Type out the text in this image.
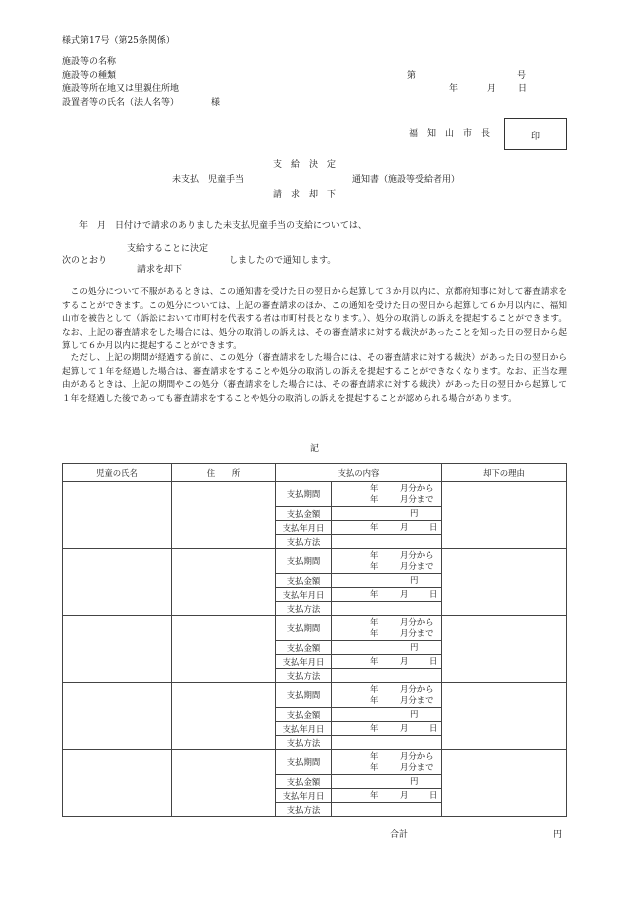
様式第17号（第25条関係）
施設等の名称
施設等の種類
施設等所在地又は里親住所地
設置者等の氏名（法人名等）	様
第	号
年	月 日
福　知　山　市　長	印
支　給　決　定
未支払　児童手当	通知書（施設等受給者用）
請　求　却　下
年　月　日付けで請求のありました未支払児童手当の支給については、
支給することに決定
次のとおり	しましたので通知します。
請求を却下
この処分について不服があるときは、この通知書を受けた日の翌日から起算して３か月以内に、京都府知事に対して審査請求をすることができます。この処分については、上記の審査請求のほか、この通知を受けた日の翌日から起算して６か月以内に、福知山市を被告として（訴訟において市町村を代表する者は市町村長となります。）、処分の取消しの訴えを提起することができます。なお、上記の審査請求をした場合には、処分の取消しの訴えは、その審査請求に対する裁決があったことを知った日の翌日から起算して６か月以内に提起することができます。
ただし、上記の期間が経過する前に、この処分（審査請求をした場合には、その審査請求に対する裁決）があった日の翌日から起算して１年を経過した場合は、審査請求をすることや処分の取消しの訴えを提起することができなくなります。なお、正当な理由があるときは、上記の期間やこの処分（審査請求をした場合には、その審査請求に対する裁決）があった日の翌日から起算して１年を経過した後であっても審査請求をすることや処分の取消しの訴えを提起することが認められる場合があります。
記
児童の氏名	住　　所	支払の内容		却下の理由
		支払期間	年 月分から
年 月分まで	

		支払金額	円	

		支払年月日	年 月 日	

		支払方法		
		支払期間	年 月分から
年 月分まで	

		支払金額	円	

		支払年月日	年 月 日	

		支払方法		
		支払期間	年 月分から
年 月分まで	

		支払金額	円	

		支払年月日	年 月 日	

		支払方法		
		支払期間	年 月分から
年 月分まで	

		支払金額	円	

		支払年月日	年 月 日	

		支払方法		
		支払期間	年 月分から
年 月分まで	

		支払金額	円	

		支払年月日	年 月 日	

		支払方法		
合計	円
